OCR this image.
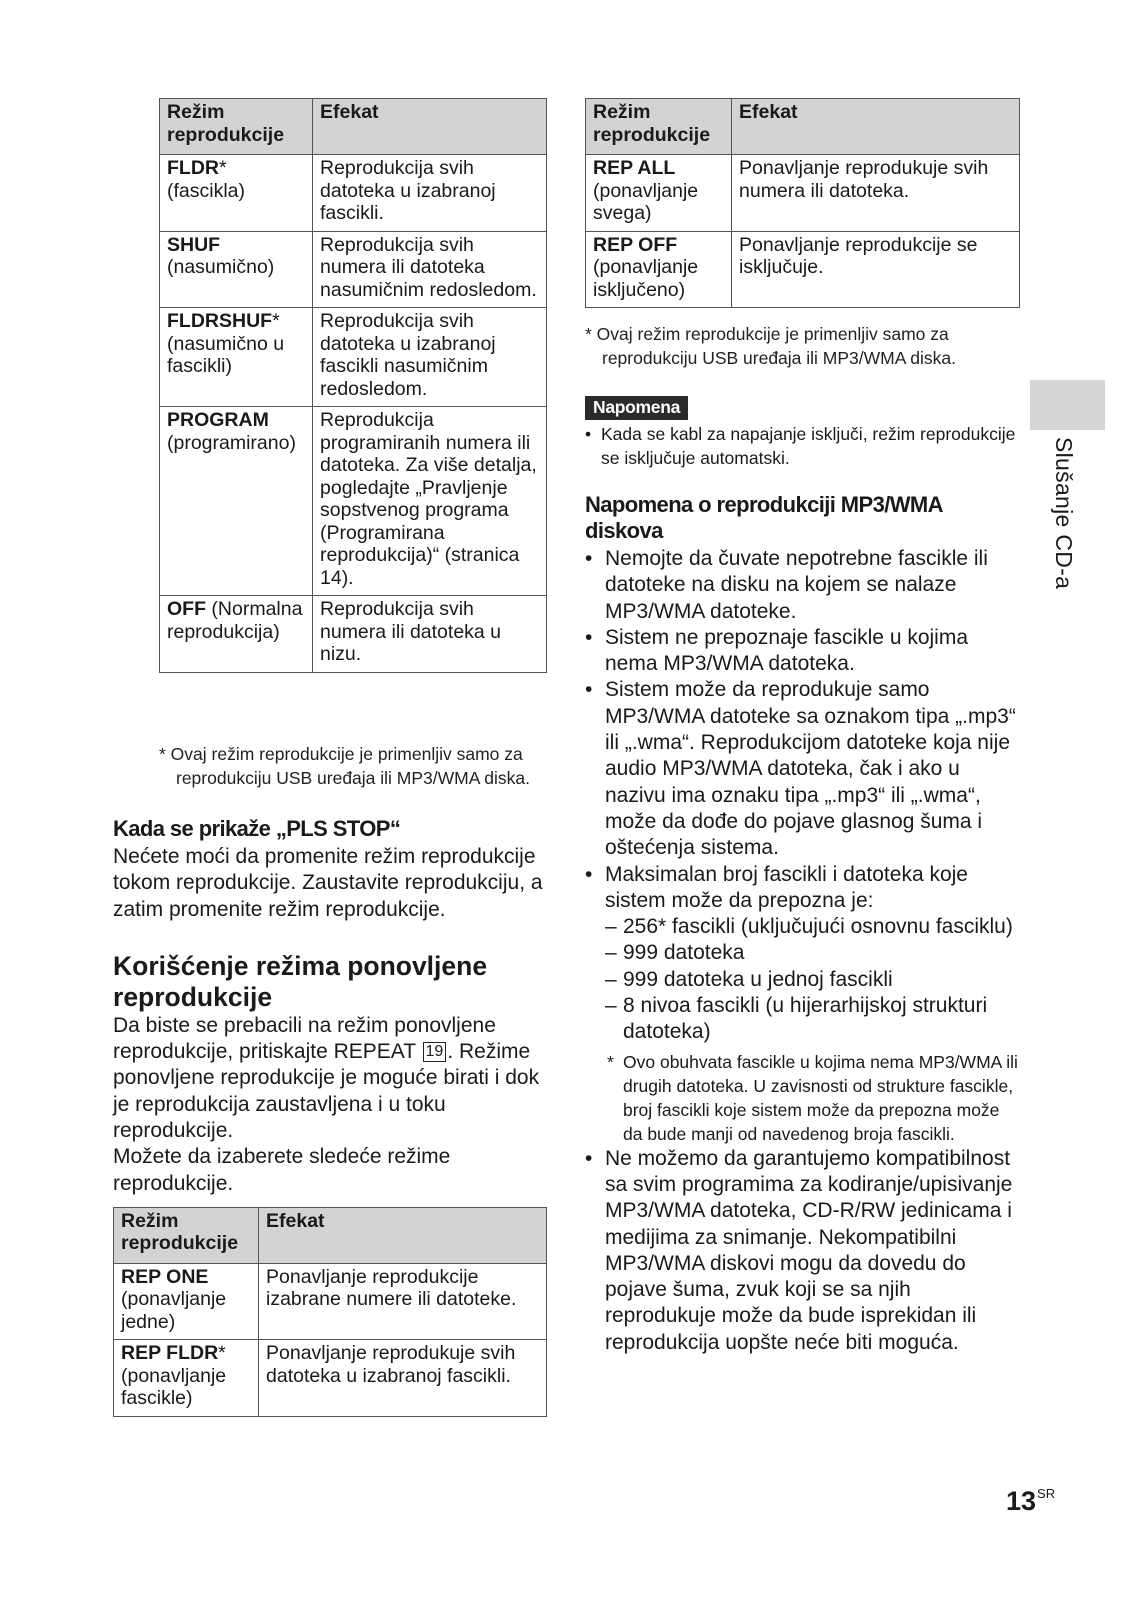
Režim reprodukcije	Efekat
FLDR*
(fascikla)	Reprodukcija svih datoteka u izabranoj fascikli.
SHUF
(nasumično)	Reprodukcija svih numera ili datoteka nasumičnim redosledom.
FLDRSHUF*
(nasumično u fascikli)	Reprodukcija svih datoteka u izabranoj fascikli nasumičnim redosledom.
PROGRAM
(programirano)	Reprodukcija programiranih numera ili datoteka. Za više detalja, pogledajte „Pravljenje sopstvenog programa (Programirana reprodukcija)“ (stranica 14).
OFF (Normalna
reprodukcija)	Reprodukcija svih numera ili datoteka u nizu.

* Ovaj režim reprodukcije je primenljiv samo za reprodukciju USB uređaja ili MP3/WMA diska.

Kada se prikaže „PLS STOP“

Nećete moći da promenite režim reprodukcije tokom reprodukcije. Zaustavite reprodukciju, a zatim promenite režim reprodukcije.

Korišćenje režima ponovljene reprodukcije

Da biste se prebacili na režim ponovljene reprodukcije, pritiskajte REPEAT 19 . Režime ponovljene reprodukcije je moguće birati i dok je reprodukcija zaustavljena i u toku reprodukcije.

Možete da izaberete sledeće režime reprodukcije.

Režim reprodukcije	Efekat
REP ONE
(ponavljanje jedne)	Ponavljanje reprodukcije izabrane numere ili datoteke.
REP FLDR*
(ponavljanje fascikle)	Ponavljanje reprodukuje svih datoteka u izabranoj fascikli.
Režim reprodukcije	Efekat
REP ALL
(ponavljanje svega)	Ponavljanje reprodukuje svih numera ili datoteka.
REP OFF
(ponavljanje isključeno)	Ponavljanje reprodukcije se isključuje.

* Ovaj režim reprodukcije je primenljiv samo za reprodukciju USB uređaja ili MP3/WMA diska.

Napomena

• Kada se kabl za napajanje isključi, režim reprodukcije se isključuje automatski.

Napomena o reprodukciji MP3/WMA diskova

• Nemojte da čuvate nepotrebne fascikle ili datoteke na disku na kojem se nalaze MP3/WMA datoteke.
• Sistem ne prepoznaje fascikle u kojima nema MP3/WMA datoteka.
• Sistem može da reprodukuje samo MP3/WMA datoteke sa oznakom tipa „.mp3“ ili „.wma“. Reprodukcijom datoteke koja nije audio MP3/WMA datoteka, čak i ako u nazivu ima oznaku tipa „.mp3“ ili „.wma“, može da dođe do pojave glasnog šuma i oštećenja sistema.
• Maksimalan broj fascikli i datoteka koje sistem može da prepozna je:
– 256* fascikli (uključujući osnovnu fasciklu)
– 999 datoteka
– 999 datoteka u jednoj fascikli
– 8 nivoa fascikli (u hijerarhijskoj strukturi datoteka)

* Ovo obuhvata fascikle u kojima nema MP3/WMA ili drugih datoteka. U zavisnosti od strukture fascikle, broj fascikli koje sistem može da prepozna može da bude manji od navedenog broja fascikli.

• Ne možemo da garantujemo kompatibilnost sa svim programima za kodiranje/upisivanje MP3/WMA datoteka, CD-R/RW jedinicama i medijima za snimanje. Nekompatibilni MP3/WMA diskovi mogu da dovedu do pojave šuma, zvuk koji se sa njih reprodukuje može da bude isprekidan ili reprodukcija uopšte neće biti moguća.
Slušanje CD-a
$13^{SR}$
